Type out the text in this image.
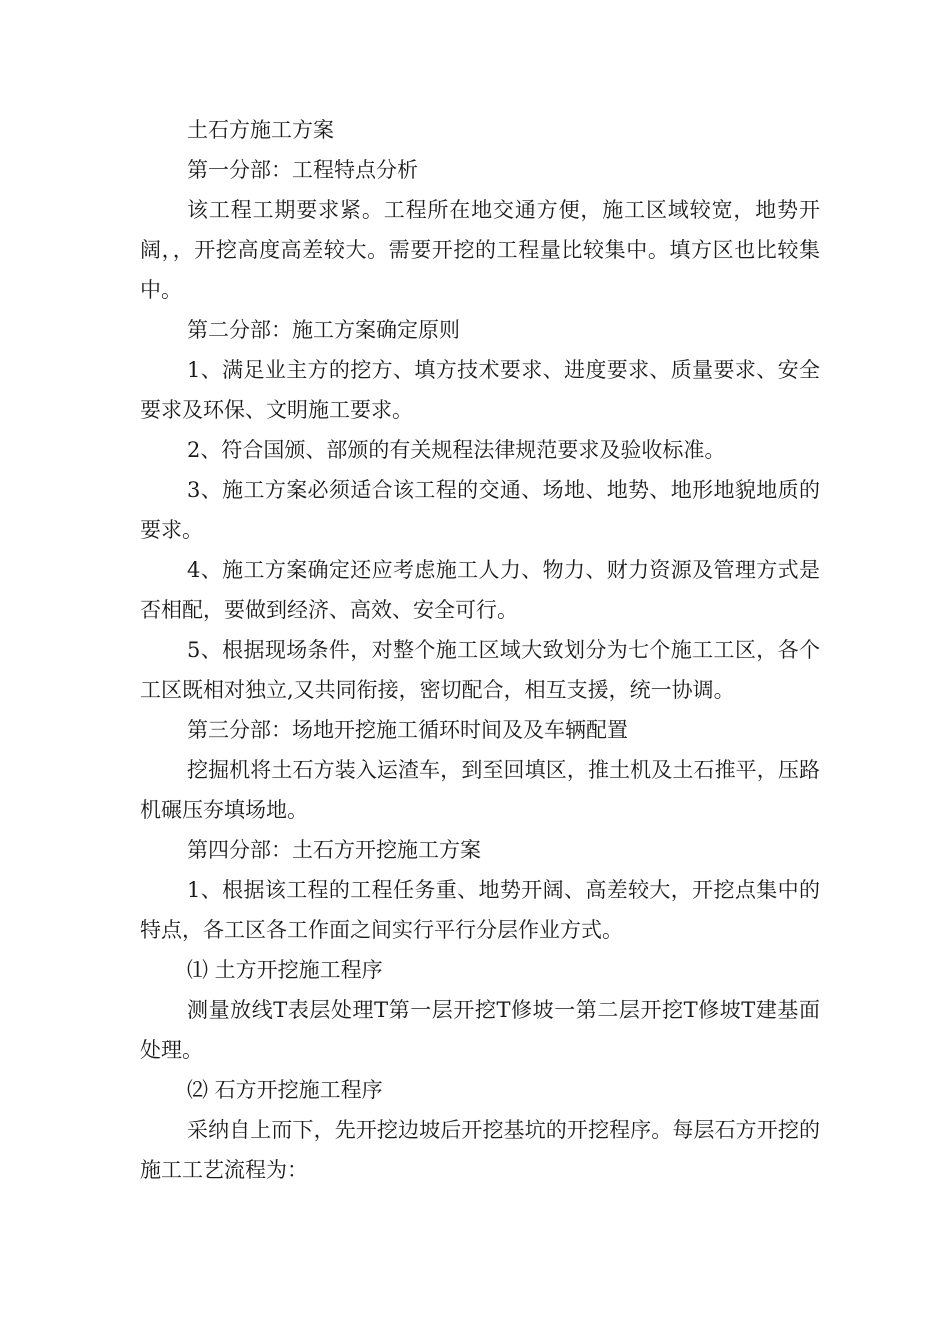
土石方施工方案

第一分部：工程特点分析

该工程工期要求紧。工程所在地交通方便，施工区域较宽，地势开阔，，开挖高度高差较大。需要开挖的工程量比较集中。填方区也比较集中。

第二分部：施工方案确定原则

1、满足业主方的挖方、填方技术要求、进度要求、质量要求、安全要求及环保、文明施工要求。

2、符合国颁、部颁的有关规程法律规范要求及验收标准。

3、施工方案必须适合该工程的交通、场地、地势、地形地貌地质的要求。

4、施工方案确定还应考虑施工人力、物力、财力资源及管理方式是否相配，要做到经济、高效、安全可行。

5、根据现场条件，对整个施工区域大致划分为七个施工工区，各个工区既相对独立,又共同衔接，密切配合，相互支援，统一协调。

第三分部：场地开挖施工循环时间及及车辆配置

挖掘机将土石方装入运渣车，到至回填区，推土机及土石推平，压路机碾压夯填场地。

第四分部：土石方开挖施工方案

1、根据该工程的工程任务重、地势开阔、高差较大，开挖点集中的特点，各工区各工作面之间实行平行分层作业方式。

⑴ 土方开挖施工程序

测量放线T表层处理T第一层开挖T修坡一第二层开挖T修坡T建基面处理。

⑵ 石方开挖施工程序

采纳自上而下，先开挖边坡后开挖基坑的开挖程序。每层石方开挖的施工工艺流程为：
